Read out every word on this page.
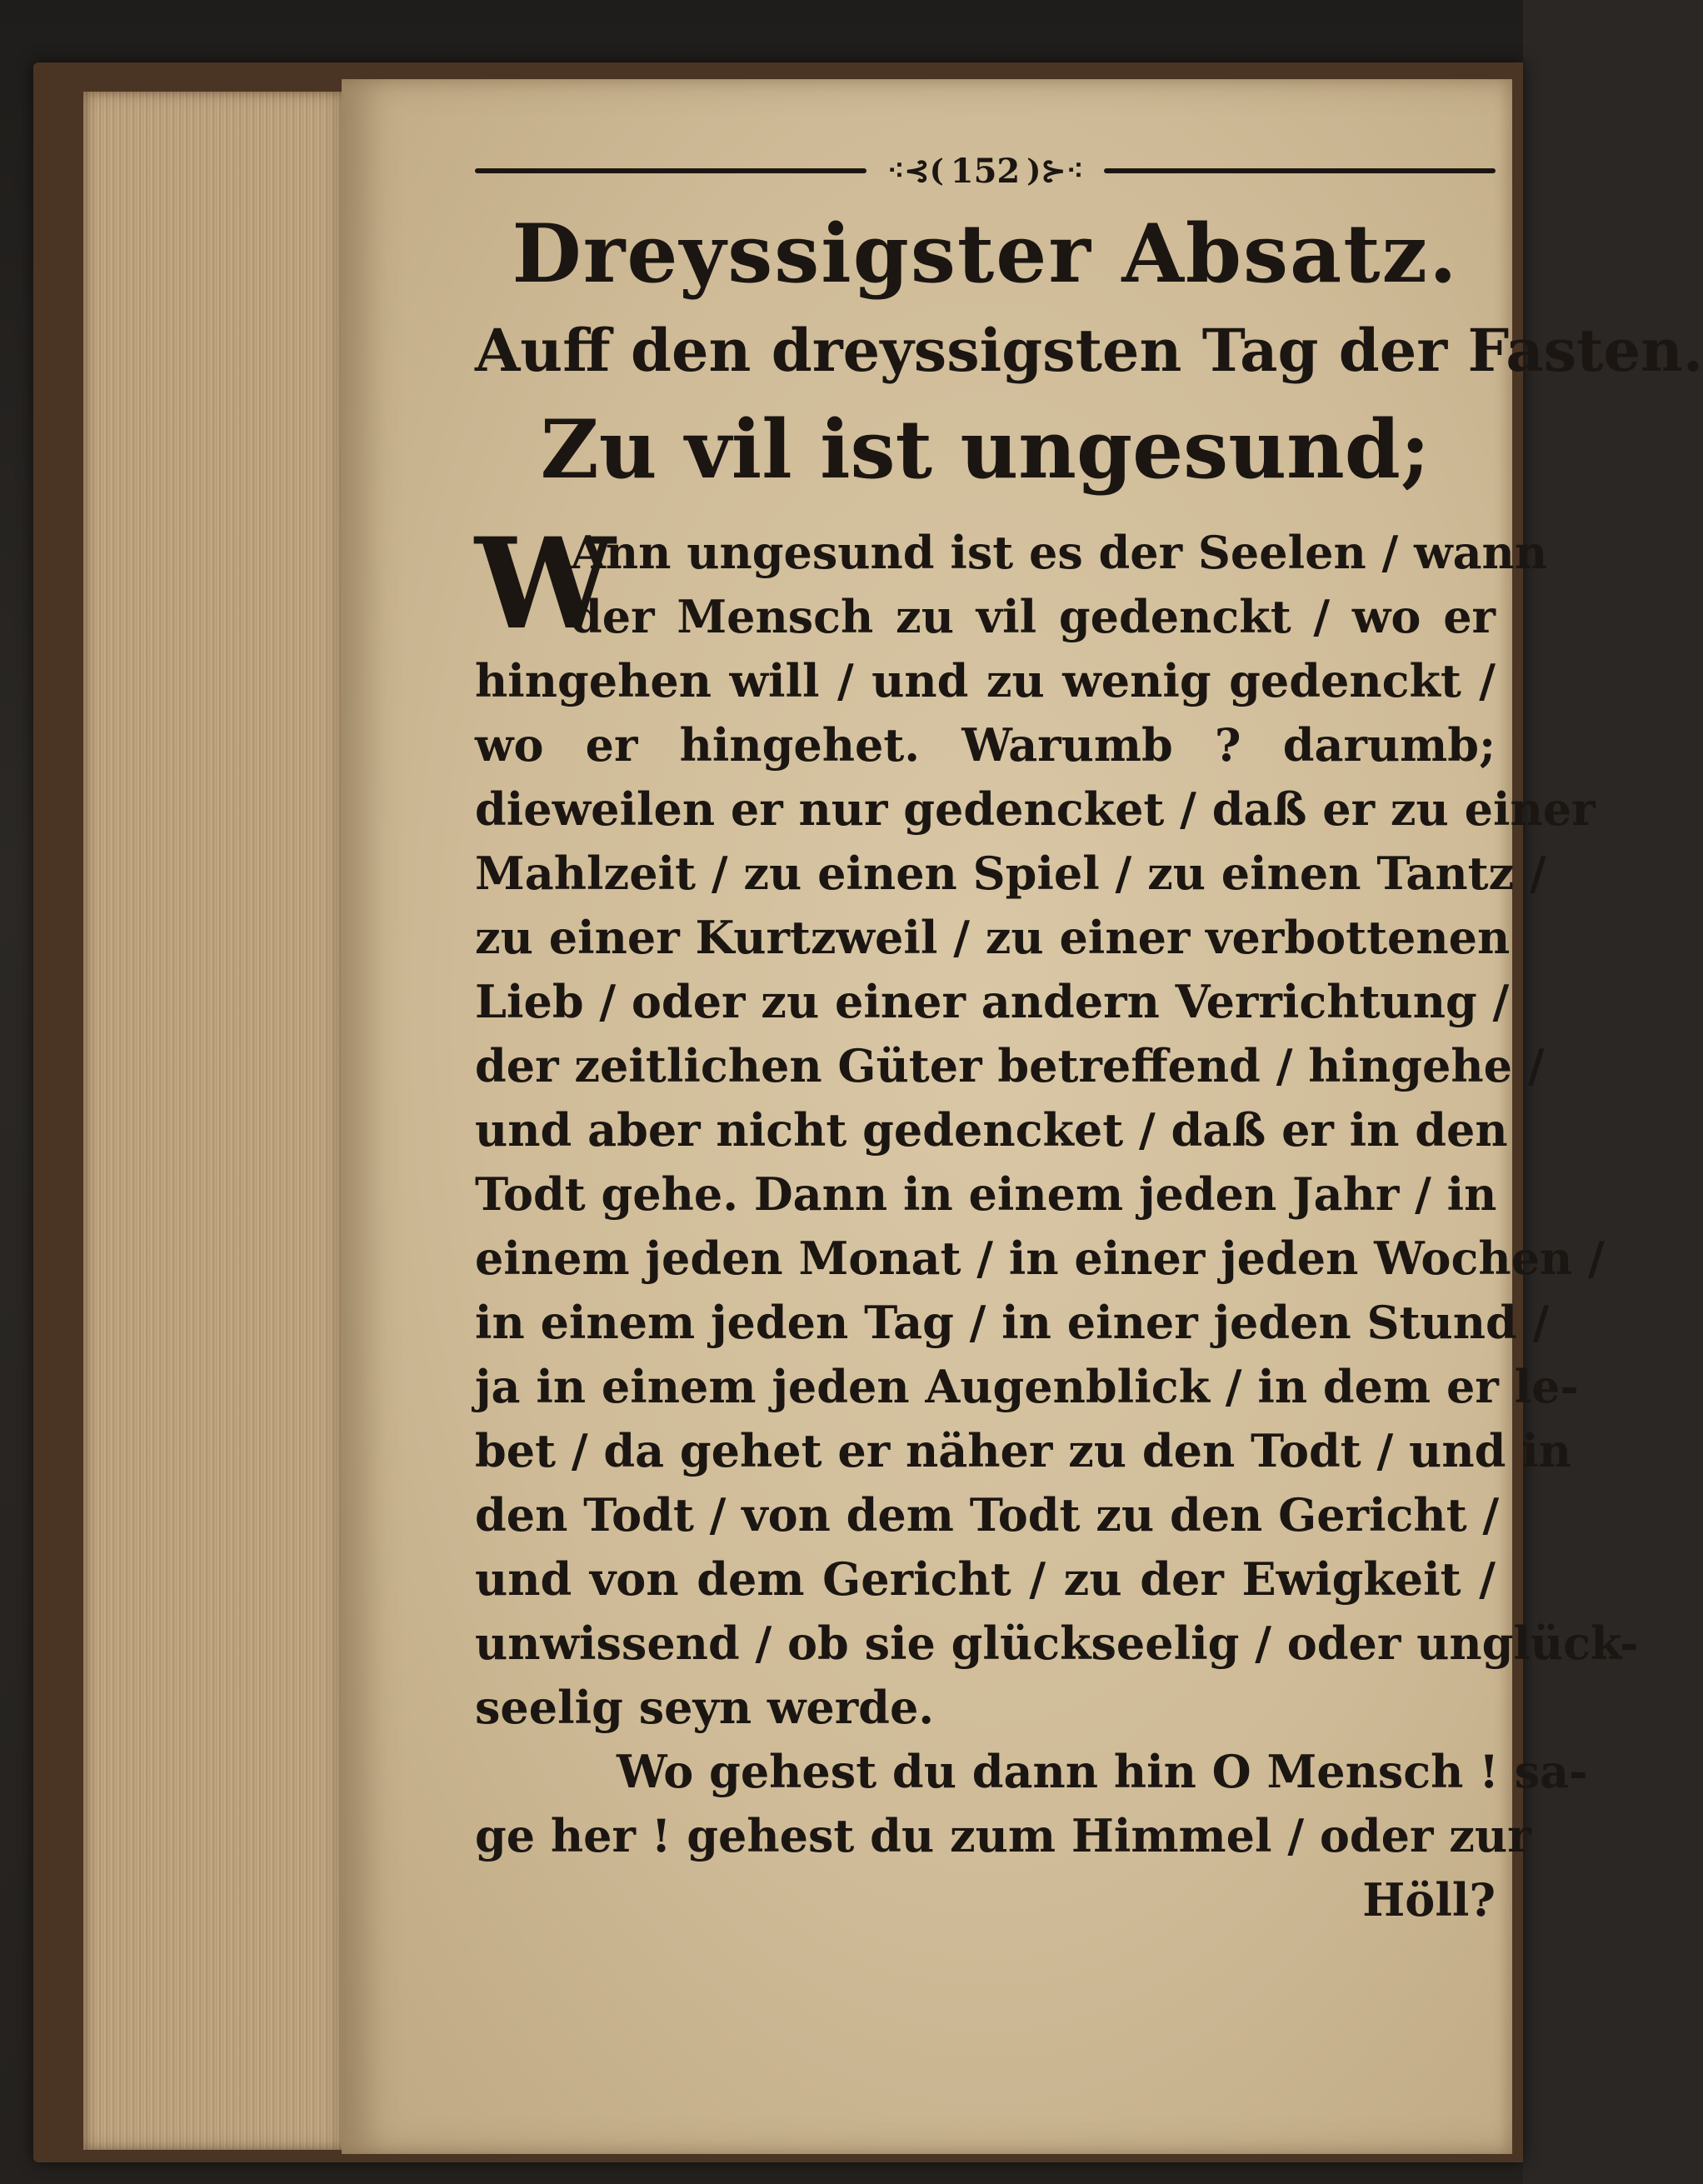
⁖⊰( 152 )⊱⁖
Dreyssigster Absatz.
Auff den dreyssigsten Tag der Fasten.
Zu vil ist ungesund;
W
Ann ungesund ist es der Seelen / wann
der Mensch zu vil gedenckt / wo er
hingehen will / und zu wenig gedenckt /
wo er hingehet. Warumb ? darumb;
dieweilen er nur gedencket / daß er zu einer
Mahlzeit / zu einen Spiel / zu einen Tantz /
zu einer Kurtzweil / zu einer verbottenen
Lieb / oder zu einer andern Verrichtung /
der zeitlichen Güter betreffend / hingehe /
und aber nicht gedencket / daß er in den
Todt gehe. Dann in einem jeden Jahr / in
einem jeden Monat / in einer jeden Wochen /
in einem jeden Tag / in einer jeden Stund /
ja in einem jeden Augenblick / in dem er le-
bet / da gehet er näher zu den Todt / und in
den Todt / von dem Todt zu den Gericht /
und von dem Gericht / zu der Ewigkeit /
unwissend / ob sie glückseelig / oder unglück-
seelig seyn werde.
Wo gehest du dann hin O Mensch ! sa-
ge her ! gehest du zum Himmel / oder zur
Höll?
